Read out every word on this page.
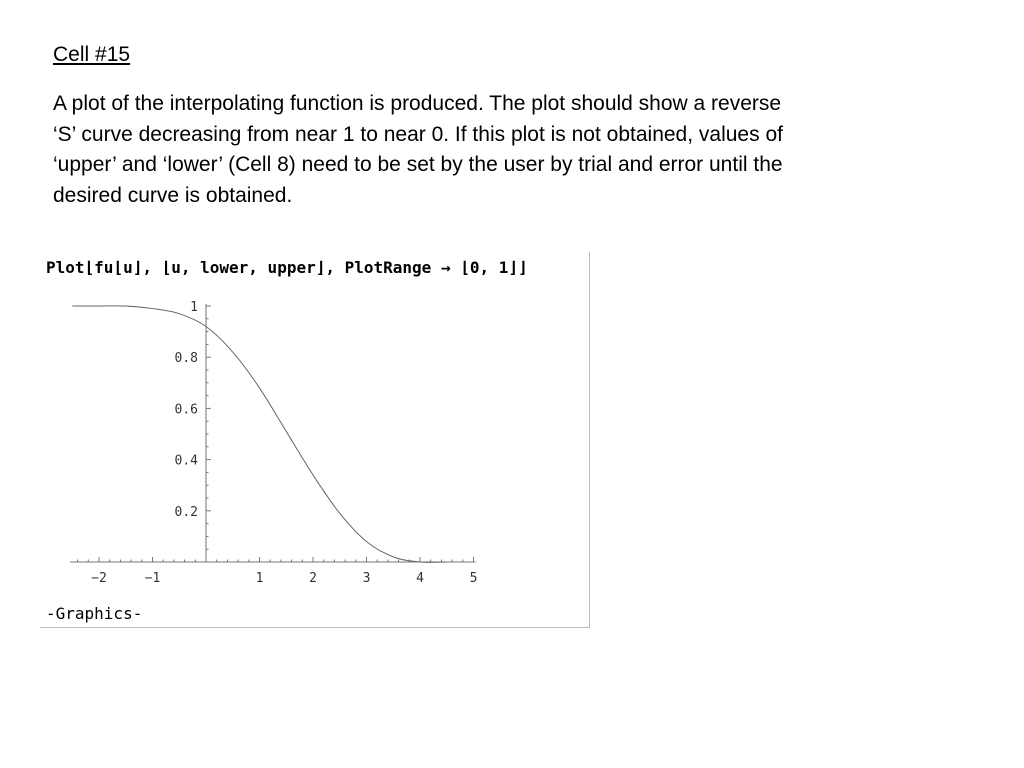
Cell #15
A plot of the interpolating function is produced. The plot should show a reverse
‘S’ curve decreasing from near 1 to near 0. If this plot is not obtained, values of
‘upper’ and ‘lower’ (Cell 8) need to be set by the user by trial and error until the
desired curve is obtained.
Plot⌊fu⌊u⌋, ⌊u, lower, upper⌋, PlotRange → ⌊0, 1⌋⌋
-Graphics-
−2	−1	1	2	3	4	5
0.2
0.4
0.6
0.8
1
